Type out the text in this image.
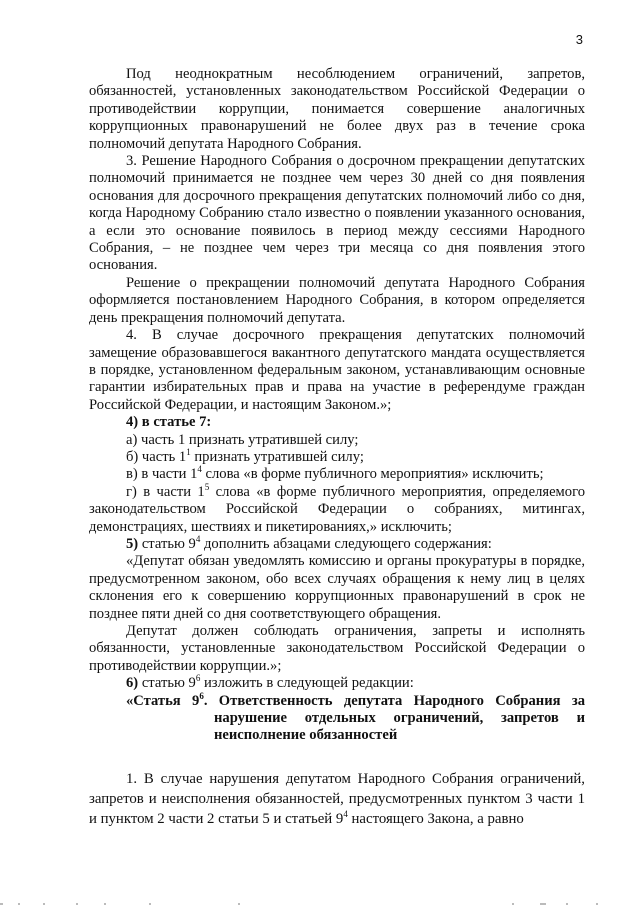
3

Под неоднократным несоблюдением ограничений, запретов, обязанностей, установленных законодательством Российской Федерации о противодействии коррупции, понимается совершение аналогичных коррупционных правонарушений не более двух раз в течение срока полномочий депутата Народного Собрания.

3. Решение Народного Собрания о досрочном прекращении депутатских полномочий принимается не позднее чем через 30 дней со дня появления основания для досрочного прекращения депутатских полномочий либо со дня, когда Народному Собранию стало известно о появлении указанного основания, а если это основание появилось в период между сессиями Народного Собрания, – не позднее чем через три месяца со дня появления этого основания.

Решение о прекращении полномочий депутата Народного Собрания оформляется постановлением Народного Собрания, в котором определяется день прекращения полномочий депутата.

4. В случае досрочного прекращения депутатских полномочий замещение образовавшегося вакантного депутатского мандата осуществляется в порядке, установленном федеральным законом, устанавливающим основные гарантии избирательных прав и права на участие в референдуме граждан Российской Федерации, и настоящим Законом.»;

4) в статье 7:

а) часть 1 признать утратившей силу;

б) часть $1^1$ признать утратившей силу;

в) в части $1^4$ слова «в форме публичного мероприятия» исключить;

г) в части $1^5$ слова «в форме публичного мероприятия, определяемого законодательством Российской Федерации о собраниях, митингах, демонстрациях, шествиях и пикетированиях,» исключить;

5) статью $9^4$ дополнить абзацами следующего содержания:

«Депутат обязан уведомлять комиссию и органы прокуратуры в порядке, предусмотренном законом, обо всех случаях обращения к нему лиц в целях склонения его к совершению коррупционных правонарушений в срок не позднее пяти дней со дня соответствующего обращения.

Депутат должен соблюдать ограничения, запреты и исполнять обязанности, установленные законодательством Российской Федерации о противодействии коррупции.»;

6) статью $9^6$ изложить в следующей редакции:

«Статья $9^6$. Ответственность депутата Народного Собрания за нарушение отдельных ограничений, запретов и неисполнение обязанностей

1. В случае нарушения депутатом Народного Собрания ограничений, запретов и неисполнения обязанностей, предусмотренных пунктом 3 части 1 и пунктом 2 части 2 статьи 5 и статьей $9^4$ настоящего Закона, а равно
